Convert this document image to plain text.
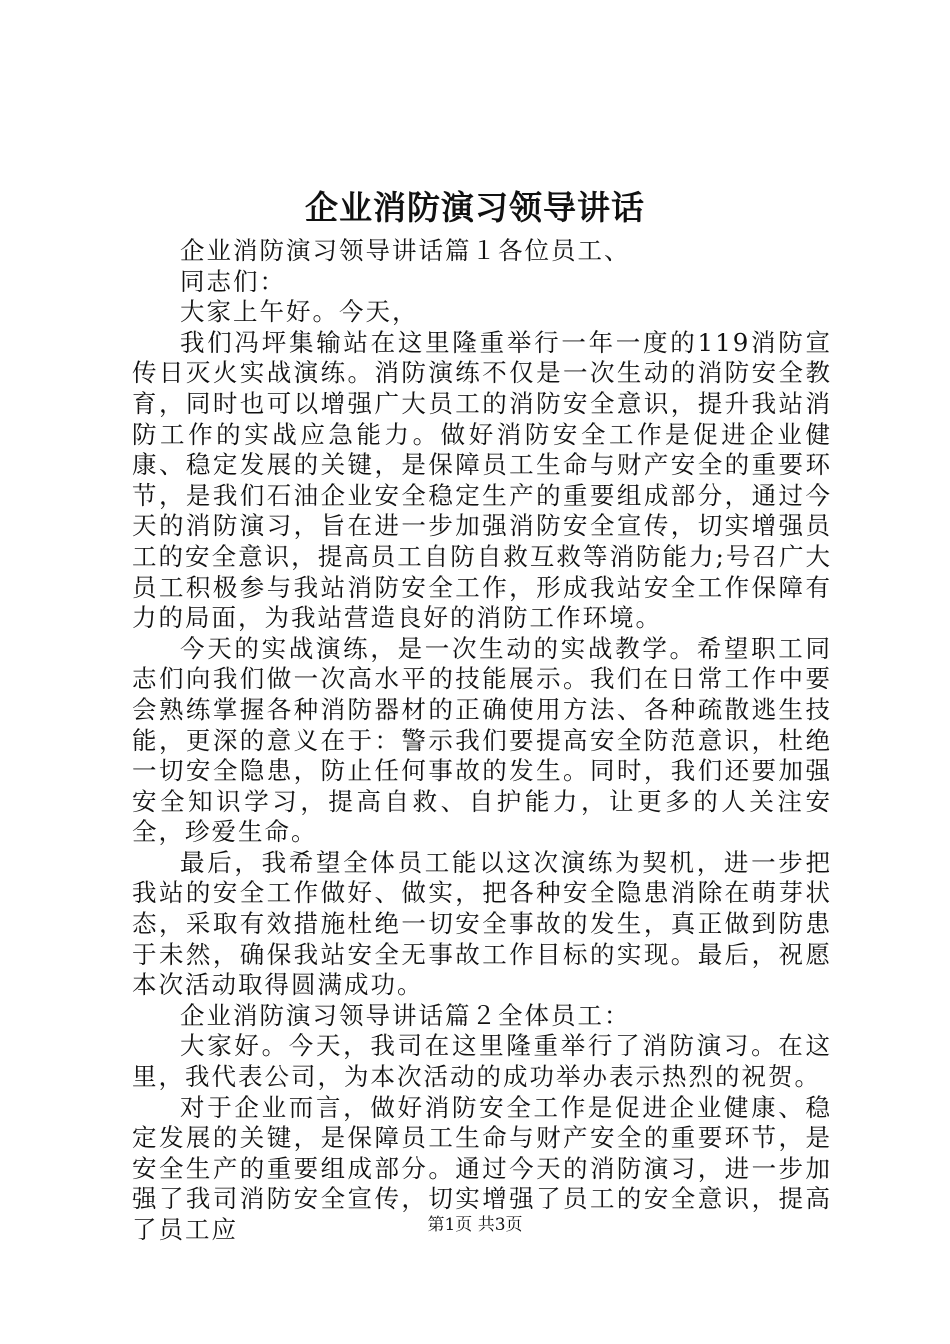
企业消防演习领导讲话

企业消防演习领导讲话篇１各位员工、

同志们：

大家上午好。今天，

我们冯坪集输站在这里隆重举行一年一度的119消防宣传日灭火实战演练。消防演练不仅是一次生动的消防安全教育，同时也可以增强广大员工的消防安全意识，提升我站消防工作的实战应急能力。做好消防安全工作是促进企业健康、稳定发展的关键，是保障员工生命与财产安全的重要环节，是我们石油企业安全稳定生产的重要组成部分，通过今天的消防演习，旨在进一步加强消防安全宣传，切实增强员工的安全意识，提高员工自防自救互救等消防能力;号召广大员工积极参与我站消防安全工作，形成我站安全工作保障有力的局面，为我站营造良好的消防工作环境。

今天的实战演练，是一次生动的实战教学。希望职工同志们向我们做一次高水平的技能展示。我们在日常工作中要会熟练掌握各种消防器材的正确使用方法、各种疏散逃生技能，更深的意义在于：警示我们要提高安全防范意识，杜绝一切安全隐患，防止任何事故的发生。同时，我们还要加强安全知识学习，提高自救、自护能力，让更多的人关注安全，珍爱生命。

最后，我希望全体员工能以这次演练为契机，进一步把我站的安全工作做好、做实，把各种安全隐患消除在萌芽状态，采取有效措施杜绝一切安全事故的发生，真正做到防患于未然，确保我站安全无事故工作目标的实现。最后，祝愿本次活动取得圆满成功。

企业消防演习领导讲话篇２全体员工：

大家好。今天，我司在这里隆重举行了消防演习。在这里，我代表公司，为本次活动的成功举办表示热烈的祝贺。

对于企业而言，做好消防安全工作是促进企业健康、稳定发展的关键，是保障员工生命与财产安全的重要环节，是安全生产的重要组成部分。通过今天的消防演习，进一步加强了我司消防安全宣传，切实增强了员工的安全意识，提高了员工应	第1页 共3页
